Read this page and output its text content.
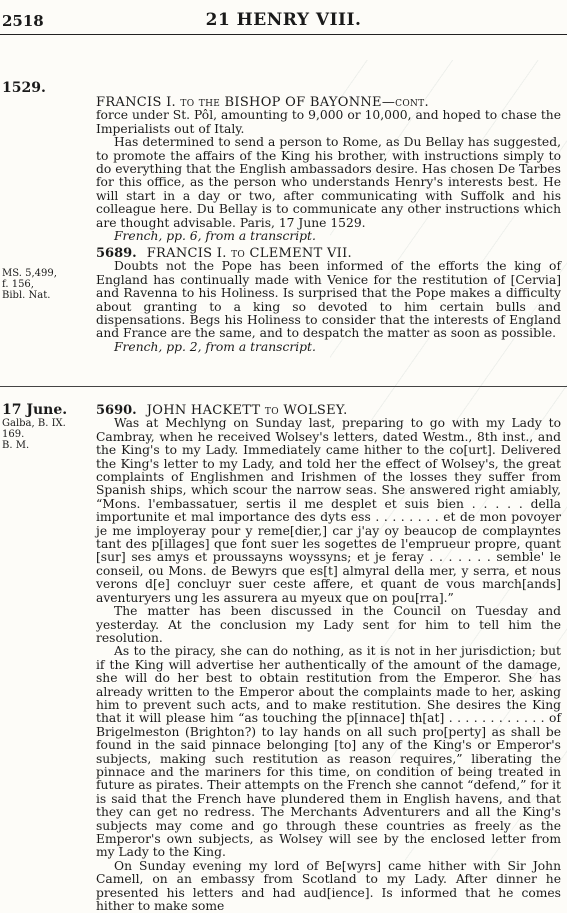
2518	21 HENRY VIII.
1529.

FRANCIS I. to the BISHOP OF BAYONNE—cont.

force under St. Pôl, amounting to 9,000 or 10,000, and hoped to chase the Imperialists out of Italy.

Has determined to send a person to Rome, as Du Bellay has suggested, to promote the affairs of the King his brother, with instructions simply to do everything that the English ambassadors desire. Has chosen De Tarbes for this office, as the person who understands Henry's interests best. He will start in a day or two, after communicating with Suffolk and his colleague here. Du Bellay is to communicate any other instructions which are thought advisable. Paris, 17 June 1529.

French, pp. 6, from a transcript.

MS. 5,499,
f. 156,
Bibl. Nat.

5689. FRANCIS I. to CLEMENT VII.

Doubts not the Pope has been informed of the efforts the king of England has continually made with Venice for the restitution of [Cervia] and Ravenna to his Holiness. Is surprised that the Pope makes a difficulty about granting to a king so devoted to him certain bulls and dispensations. Begs his Holiness to consider that the interests of England and France are the same, and to despatch the matter as soon as possible.

French, pp. 2, from a transcript.

17 June.
Galba, B. IX.
169.
B. M.

5690. JOHN HACKETT to WOLSEY.

Was at Mechlyng on Sunday last, preparing to go with my Lady to Cambray, when he received Wolsey's letters, dated Westm., 8th inst., and the King's to my Lady. Immediately came hither to the co[urt]. Delivered the King's letter to my Lady, and told her the effect of Wolsey's, the great complaints of Englishmen and Irishmen of the losses they suffer from Spanish ships, which scour the narrow seas. She answered right amiably, “Mons. l'embassatuer, sertis il me desplet et suis bien . . . . . della importunite et mal importance des dyts ess . . . . . . . . et de mon povoyer je me imployeray pour y reme[dier,] car j'ay oy beaucop de complayntes tant des p[illages] que font suer les sogettes de l'emprueur propre, quant [sur] ses amys et proussayns woyssyns; et je feray . . . . . . . semble' le conseil, ou Mons. de Bewyrs que es[t] almyral della mer, y serra, et nous verons d[e] concluyr suer ceste affere, et quant de vous march[ands] aventuryers ung les assurera au myeux que on pou[rra].”

The matter has been discussed in the Council on Tuesday and yesterday. At the conclusion my Lady sent for him to tell him the resolution.

As to the piracy, she can do nothing, as it is not in her jurisdiction; but if the King will advertise her authentically of the amount of the damage, she will do her best to obtain restitution from the Emperor. She has already written to the Emperor about the complaints made to her, asking him to prevent such acts, and to make restitution. She desires the King that it will please him “as touching the p[innace] th[at] . . . . . . . . . . . . of Brigelmeston (Brighton?) to lay hands on all such pro[perty] as shall be found in the said pinnace belonging [to] any of the King's or Emperor's subjects, making such restitution as reason requires,” liberating the pinnace and the mariners for this time, on condition of being treated in future as pirates. Their attempts on the French she cannot “defend,” for it is said that the French have plundered them in English havens, and that they can get no redress. The Merchants Adventurers and all the King's subjects may come and go through these countries as freely as the Emperor's own subjects, as Wolsey will see by the enclosed letter from my Lady to the King.

On Sunday evening my lord of Be[wyrs] came hither with Sir John Camell, on an embassy from Scotland to my Lady. After dinner he presented his letters and had aud[ience]. Is informed that he comes hither to make some
